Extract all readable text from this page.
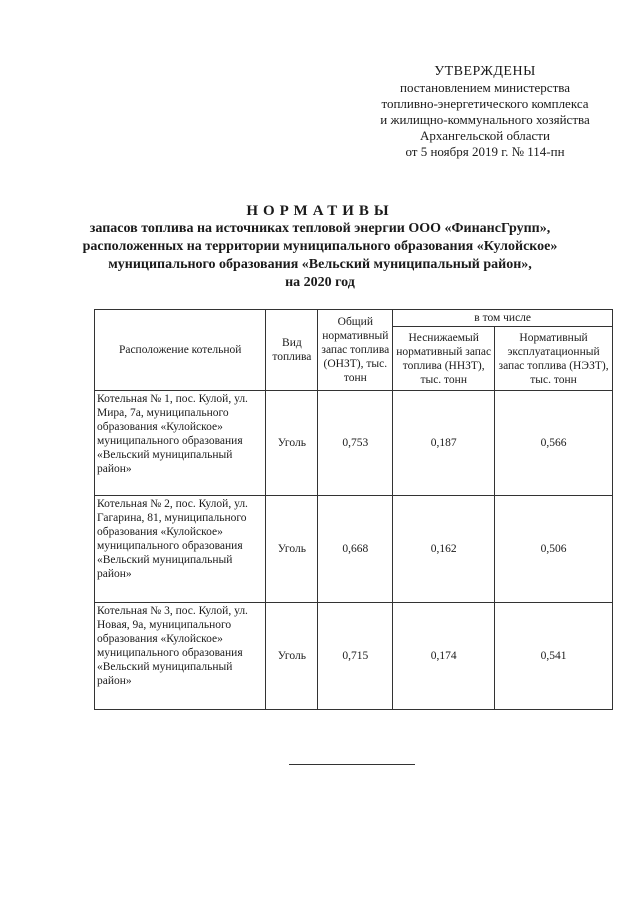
УТВЕРЖДЕНЫ
постановлением министерства
топливно-энергетического комплекса
и жилищно-коммунального хозяйства
Архангельской области
от 5 ноября 2019 г. № 114-пн
НОРМАТИВЫ
запасов топлива на источниках тепловой энергии ООО «ФинансГрупп»,
расположенных на территории муниципального образования «Кулойское»
муниципального образования «Вельский муниципальный район»,
на 2020 год
Расположение котельной	Вид топлива	Общий нормативный запас топлива (ОНЗТ), тыс. тонн	в том числе	
			Неснижаемый нормативный запас топлива (ННЗТ), тыс. тонн	Нормативный эксплуатационный запас топлива (НЭЗТ), тыс. тонн
Котельная № 1, пос. Кулой, ул. Мира, 7а, муниципального образования «Кулойское» муниципального образования «Вельский муниципальный район»	Уголь	0,753	0,187	0,566
Котельная № 2, пос. Кулой, ул. Гагарина, 81, муниципального образования «Кулойское» муниципального образования «Вельский муниципальный район»	Уголь	0,668	0,162	0,506
Котельная № 3, пос. Кулой, ул. Новая, 9а, муниципального образования «Кулойское» муниципального образования «Вельский муниципальный район»	Уголь	0,715	0,174	0,541
